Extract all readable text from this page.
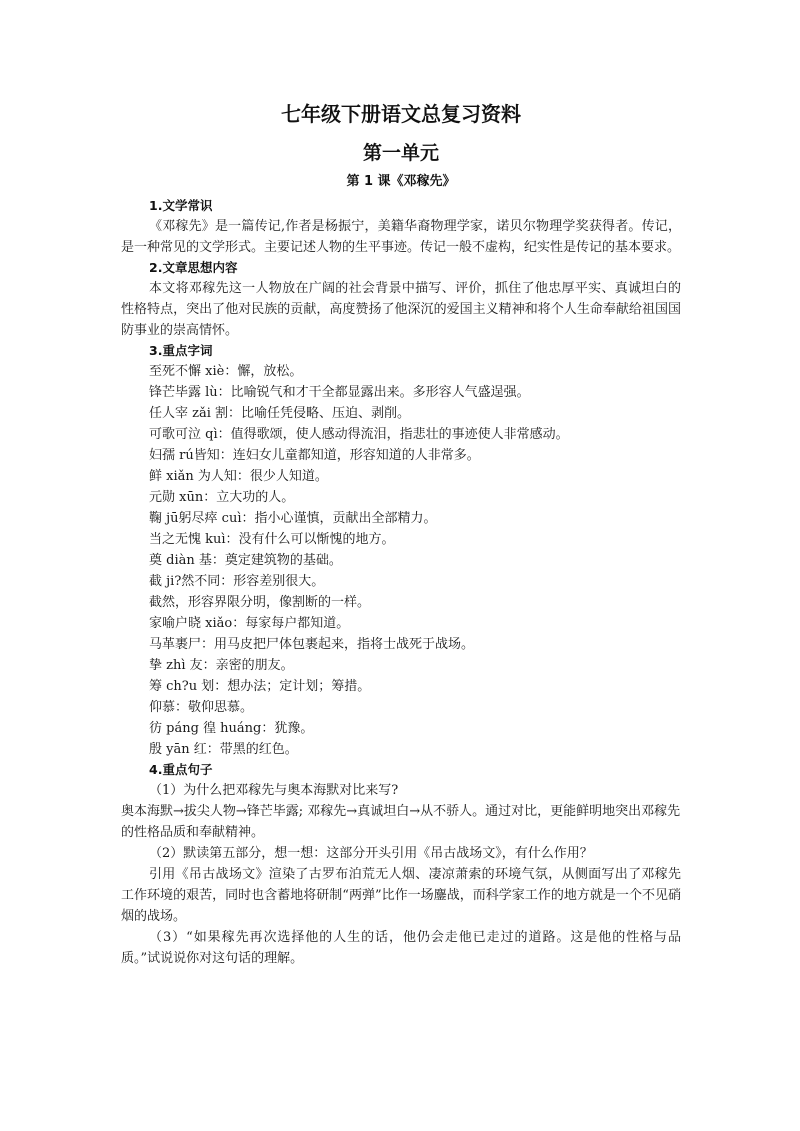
七年级下册语文总复习资料
第一单元
第 1 课《邓稼先》
1.文学常识

《邓稼先》是一篇传记,作者是杨振宁，美籍华裔物理学家，诺贝尔物理学奖获得者。传记，是一种常见的文学形式。主要记述人物的生平事迹。传记一般不虚构，纪实性是传记的基本要求。

2.文章思想内容

本文将邓稼先这一人物放在广阔的社会背景中描写、评价，抓住了他忠厚平实、真诚坦白的性格特点，突出了他对民族的贡献，高度赞扬了他深沉的爱国主义精神和将个人生命奉献给祖国国防事业的崇高情怀。

3.重点字词

至死不懈 xiè：懈，放松。

锋芒毕露 lù：比喻锐气和才干全都显露出来。多形容人气盛逞强。

任人宰 zǎi 割：比喻任凭侵略、压迫、剥削。

可歌可泣 qì：值得歌颂，使人感动得流泪，指悲壮的事迹使人非常感动。

妇孺 rú皆知：连妇女儿童都知道，形容知道的人非常多。

鲜 xiǎn 为人知：很少人知道。

元勋 xūn：立大功的人。

鞠 jū躬尽瘁 cuì：指小心谨慎，贡献出全部精力。

当之无愧 kuì：没有什么可以惭愧的地方。

奠 diàn 基：奠定建筑物的基础。

截 ji?然不同：形容差别很大。

截然，形容界限分明，像割断的一样。

家喻户晓 xiǎo：每家每户都知道。

马革裹尸：用马皮把尸体包裹起来，指将士战死于战场。

挚 zhì 友：亲密的朋友。

筹 ch?u 划：想办法；定计划；筹措。

仰慕：敬仰思慕。

彷 páng 徨 huáng：犹豫。

殷 yān 红：带黑的红色。

4.重点句子

（1）为什么把邓稼先与奥本海默对比来写?

奥本海默→拔尖人物→锋芒毕露; 邓稼先→真诚坦白→从不骄人。通过对比，更能鲜明地突出邓稼先的性格品质和奉献精神。

（2）默读第五部分，想一想：这部分开头引用《吊古战场文》，有什么作用？

引用《吊古战场文》渲染了古罗布泊荒无人烟、凄凉萧索的环境气氛，从侧面写出了邓稼先工作环境的艰苦，同时也含蓄地将研制“两弹”比作一场鏖战，而科学家工作的地方就是一个不见硝烟的战场。

（3）“如果稼先再次选择他的人生的话，他仍会走他已走过的道路。这是他的性格与品质。”试说说你对这句话的理解。
